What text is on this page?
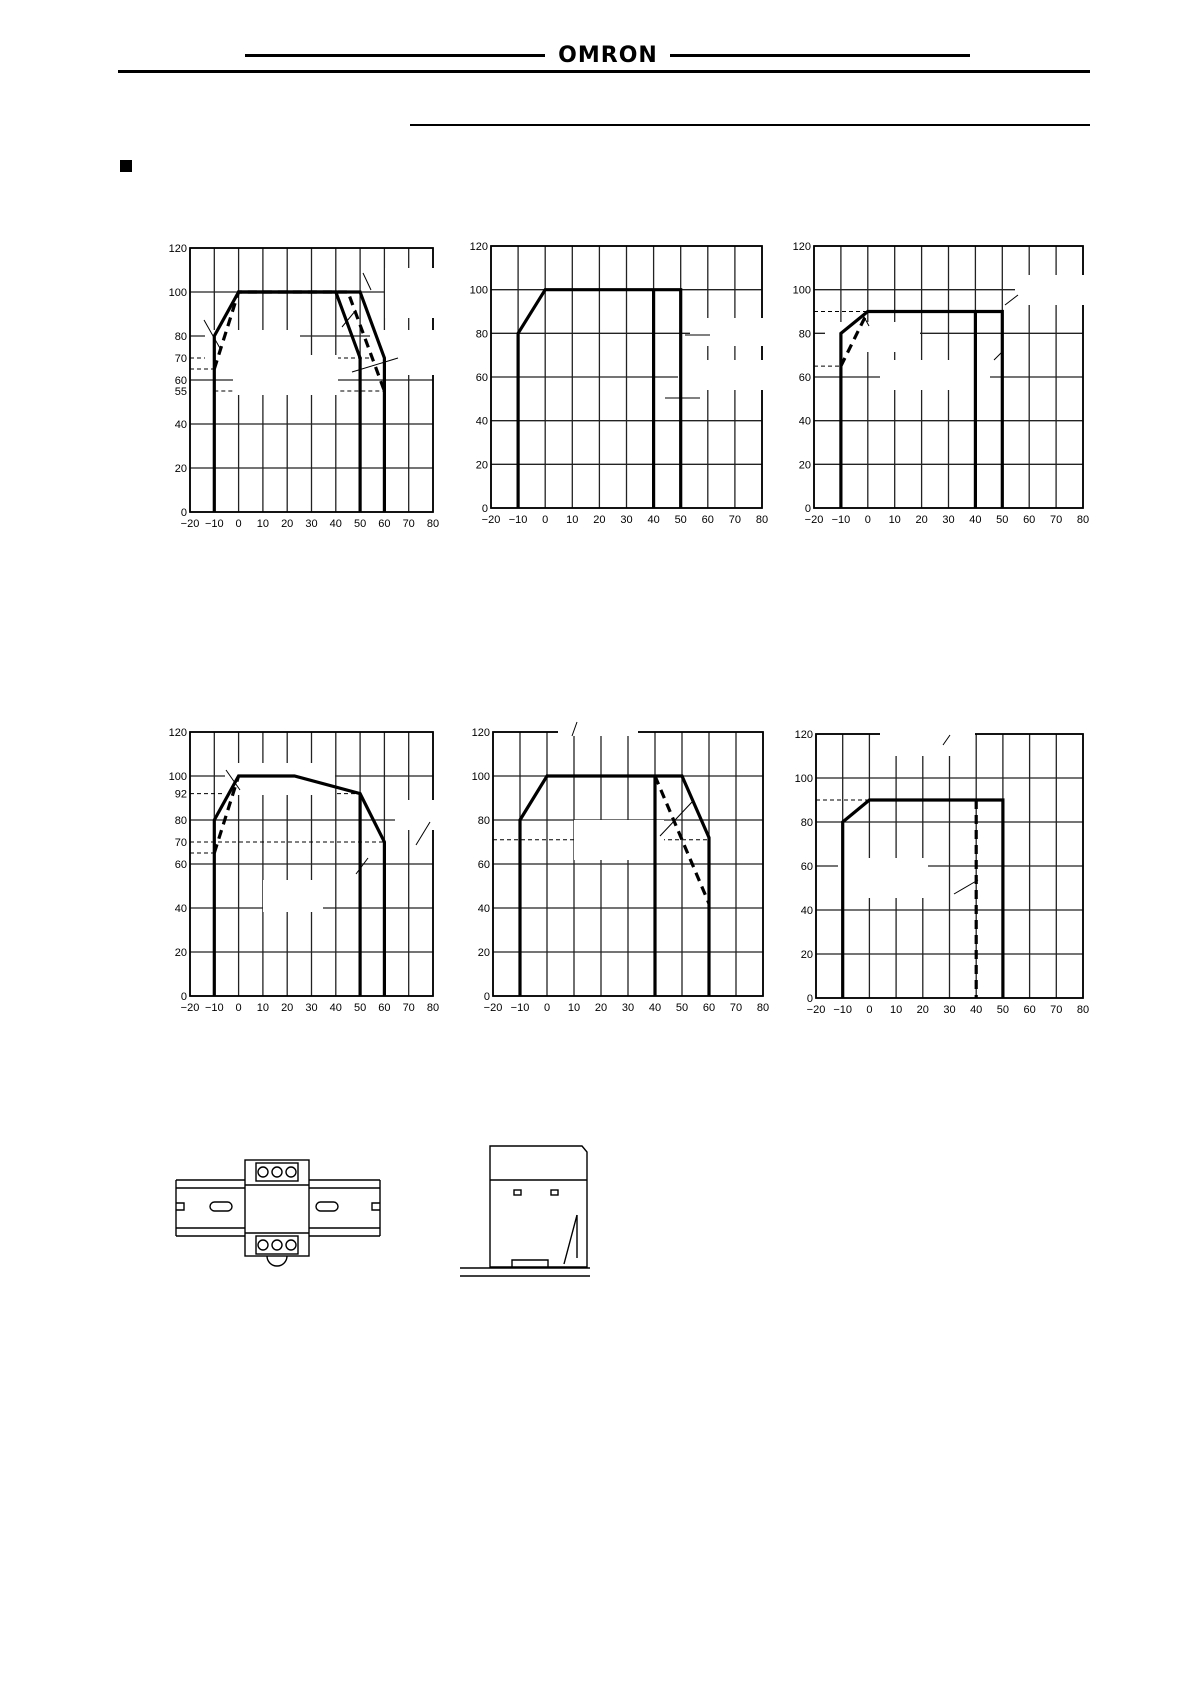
OMRON
−20 −10 0 10 20 30 40 50 60 70 80
0
20
40
60
80
100
120
55
70
−20 −10 0 10 20 30 40 50 60 70 80
0
20
40
60
80
100
120
−20 −10 0 10 20 30 40 50 60 70 80
0
20
40
60
80
100
120
−20 −10 0 10 20 30 40 50 60 70 80
0
20
40
60
80
100
120
92
70
−20 −10 0 10 20 30 40 50 60 70 80
0
20
40
60
80
100
120
−20 −10 0 10 20 30 40 50 60 70 80
0
20
40
60
80
100
120
